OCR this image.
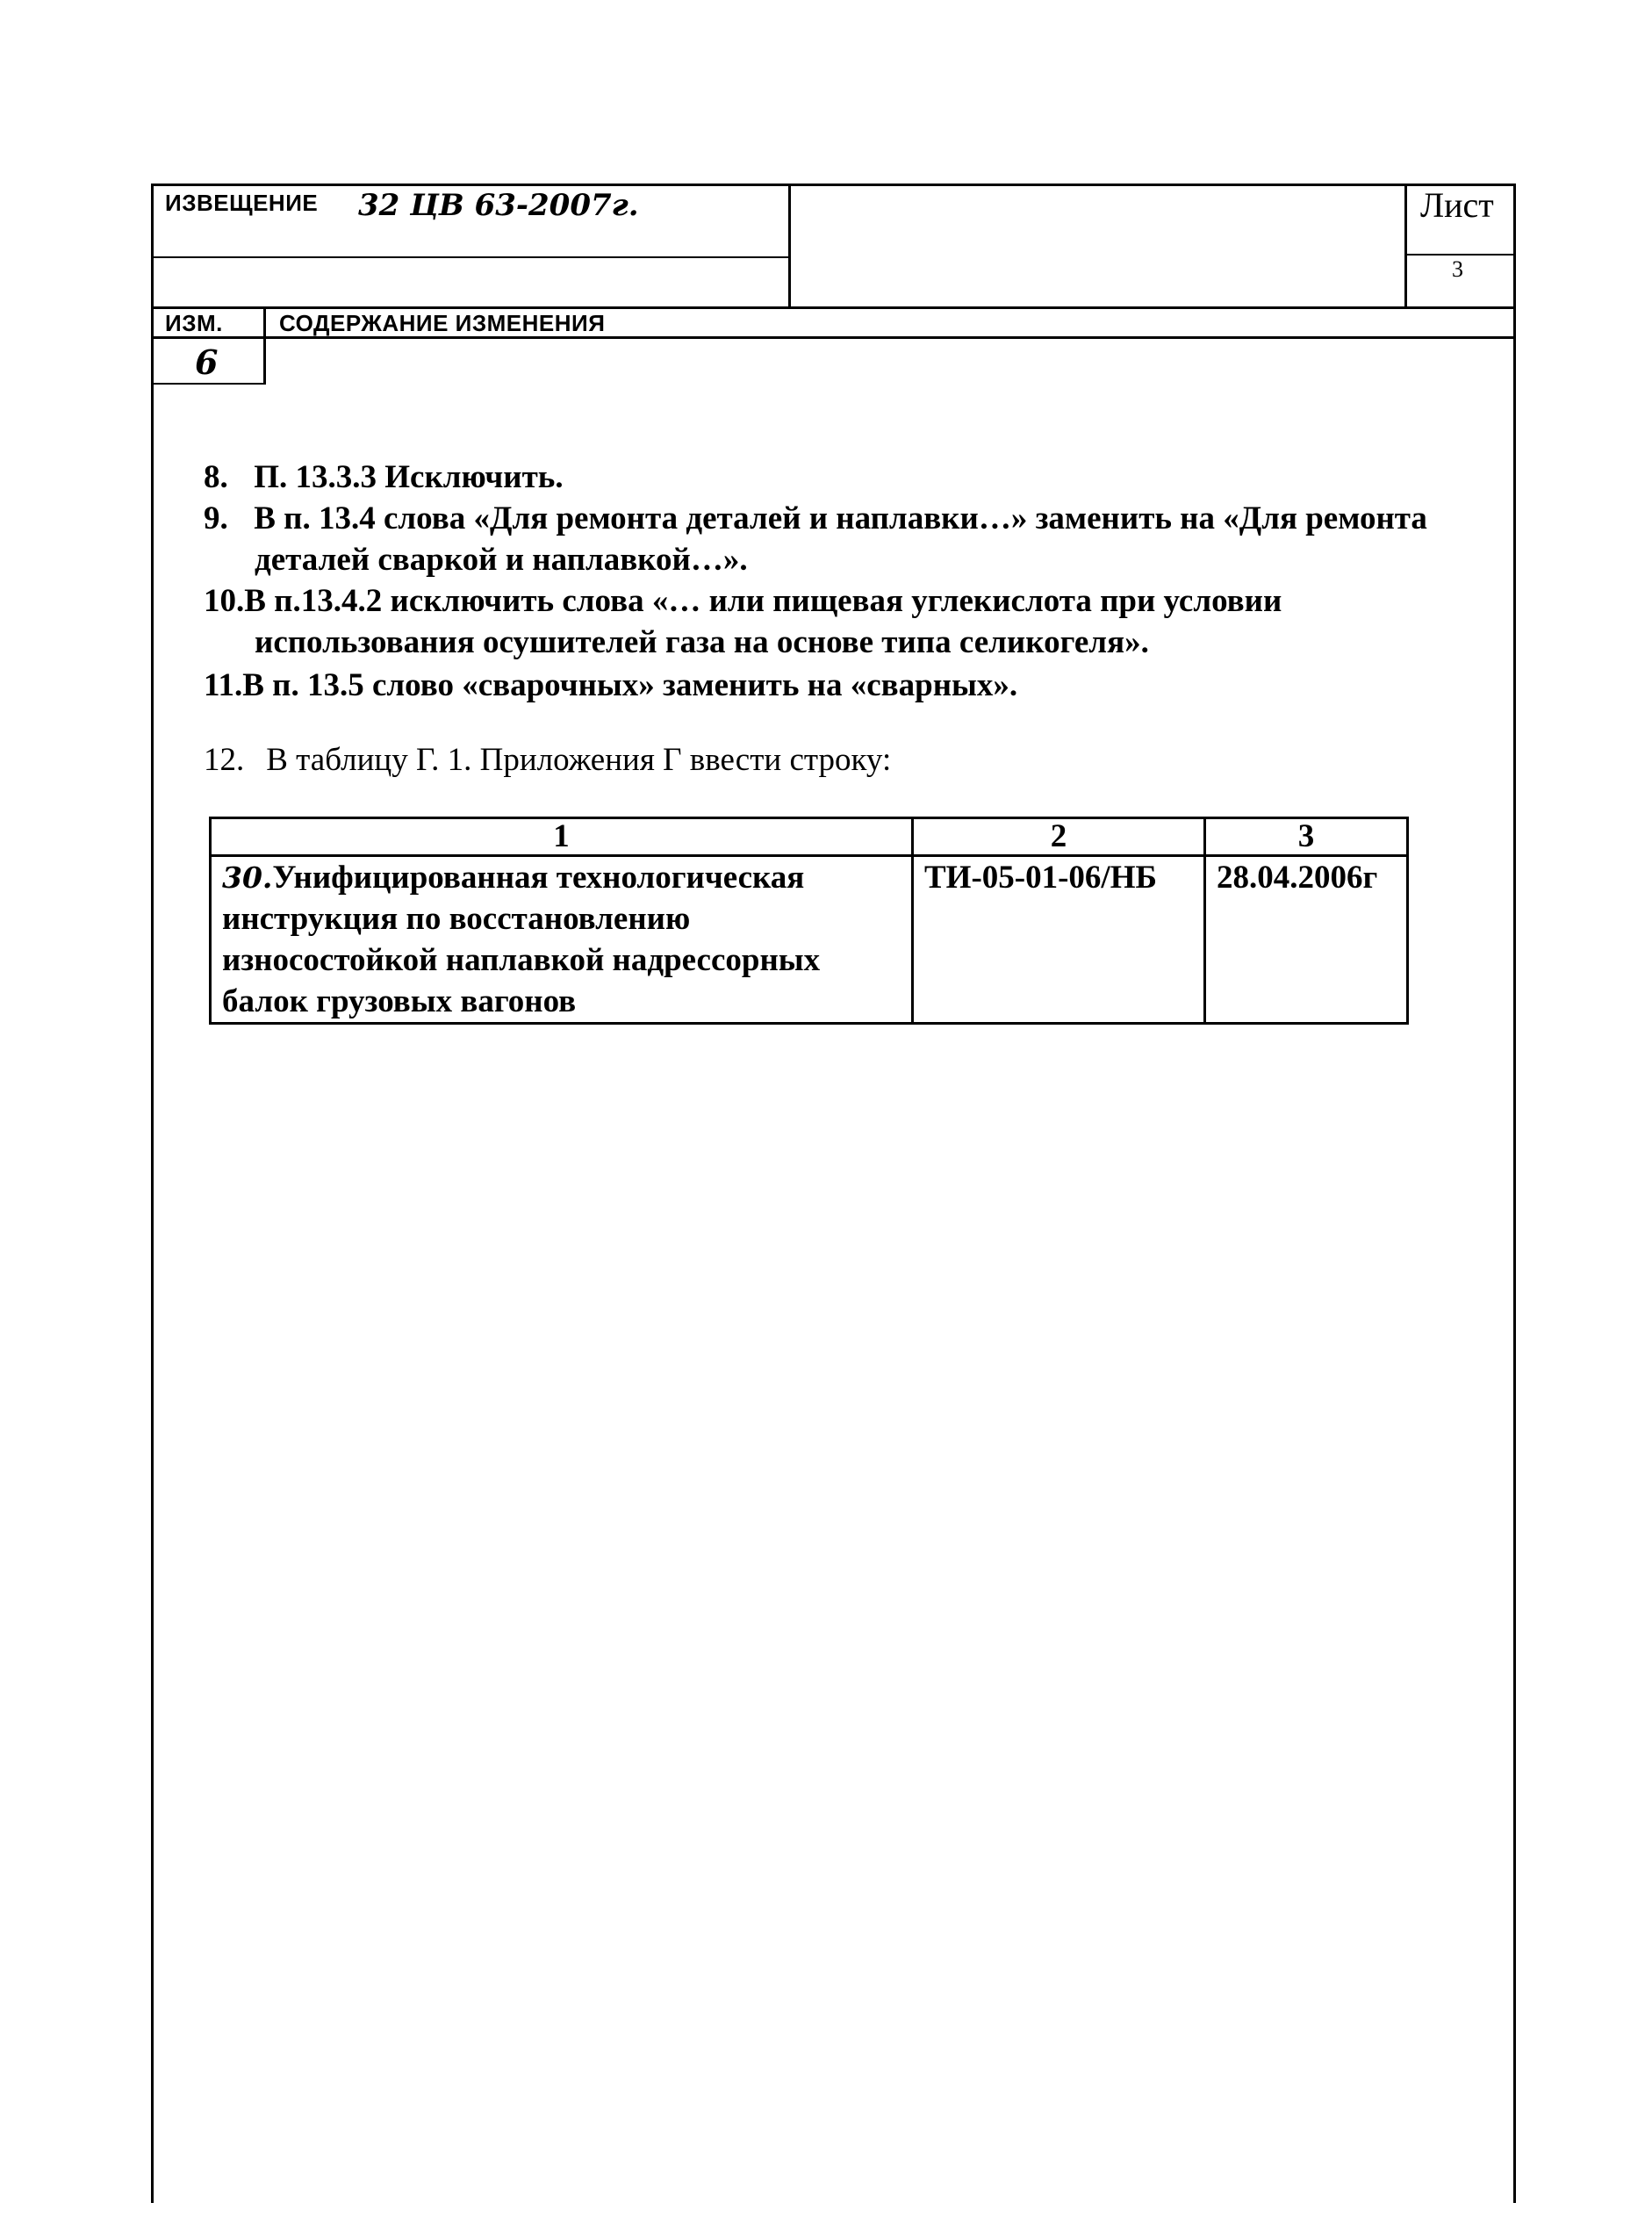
ИЗВЕЩЕНИЕ 32 ЦВ 63-2007г.	Лист
3
ИЗМ. СОДЕРЖАНИЕ ИЗМЕНЕНИЯ
6
8. П. 13.3.3 Исключить.
9. В п. 13.4 слова «Для ремонта деталей и наплавки…» заменить на «Для ремонта
деталей сваркой и наплавкой…».
10.В п.13.4.2 исключить слова «… или пищевая углекислота при условии
использования осушителей газа на основе типа селикогеля».
11.В п. 13.5 слово «сварочных» заменить на «сварных».
12. В таблицу Г. 1. Приложения Г ввести строку:
1	2	3
30.Унифицированная технологическая
инструкция по восстановлению
износостойкой наплавкой надрессорных
балок грузовых вагонов	ТИ-05-01-06/НБ	28.04.2006г
